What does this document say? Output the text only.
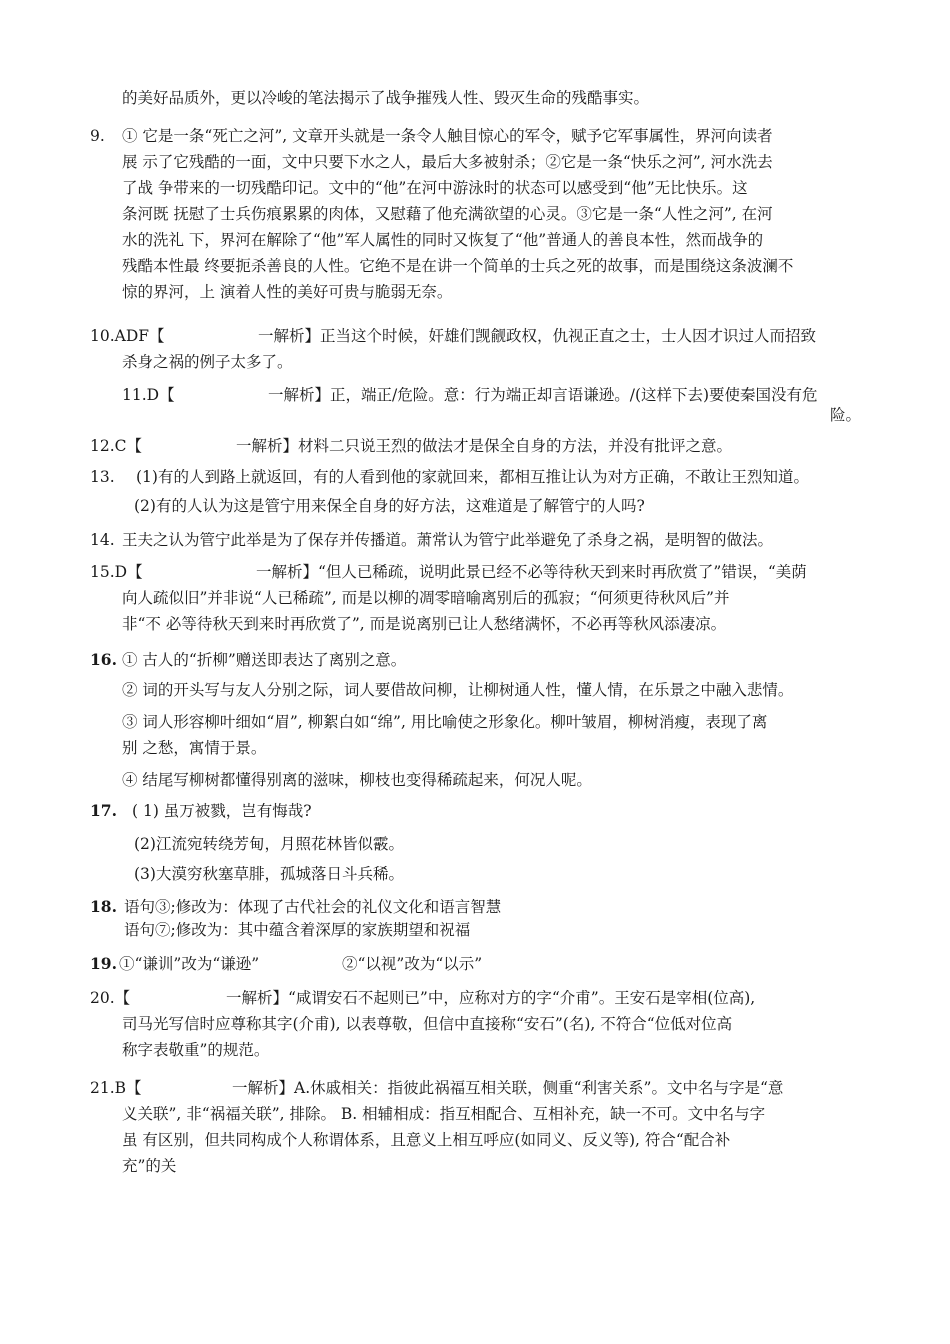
的美好品质外，更以冷峻的笔法揭示了战争摧残人性、毁灭生命的残酷事实。
9. ① 它是一条“死亡之河”, 文章开头就是一条令人触目惊心的军令，赋予它军事属性，界河向读者
展 示了它残酷的一面，文中只要下水之人，最后大多被射杀；②它是一条“快乐之河”, 河水洗去
了战 争带来的一切残酷印记。文中的“他”在河中游泳时的状态可以感受到“他”无比快乐。这
条河既 抚慰了士兵伤痕累累的肉体，又慰藉了他充满欲望的心灵。③它是一条“人性之河”, 在河
水的洗礼 下，界河在解除了“他”军人属性的同时又恢复了“他”普通人的善良本性，然而战争的
残酷本性最 终要扼杀善良的人性。它绝不是在讲一个简单的士兵之死的故事，而是围绕这条波澜不
惊的界河，上 演着人性的美好可贵与脆弱无奈。
10.ADF【	一解析】正当这个时候，奸雄们觊觎政权，仇视正直之士，士人因才识过人而招致
杀身之祸的例子太多了。
11.D【	一解析】正，端正/危险。意：行为端正却言语谦逊。/(这样下去)要使秦国没有危
险。
12.C【	一解析】材料二只说王烈的做法才是保全自身的方法，并没有批评之意。
13. (1)有的人到路上就返回，有的人看到他的家就回来，都相互推让认为对方正确，不敢让王烈知道。
(2)有的人认为这是管宁用来保全自身的好方法，这难道是了解管宁的人吗?
14. 王夫之认为管宁此举是为了保存并传播道。萧常认为管宁此举避免了杀身之祸，是明智的做法。
15.D【	一解析】“但人已稀疏，说明此景已经不必等待秋天到来时再欣赏了”错误，“美荫
向人疏似旧”并非说“人已稀疏”, 而是以柳的凋零暗喻离别后的孤寂；“何须更待秋风后”并
非“不 必等待秋天到来时再欣赏了”, 而是说离别已让人愁绪满怀，不必再等秋风添凄凉。
16. ① 古人的“折柳”赠送即表达了离别之意。
② 词的开头写与友人分别之际，词人要借故问柳，让柳树通人性，懂人情，在乐景之中融入悲情。
③ 词人形容柳叶细如“眉”, 柳絮白如“绵”, 用比喻使之形象化。柳叶皱眉，柳树消瘦，表现了离
别 之愁，寓情于景。
④ 结尾写柳树都懂得别离的滋味，柳枝也变得稀疏起来，何况人呢。
17. ( 1) 虽万被戮，岂有悔哉?
(2)江流宛转绕芳甸，月照花林皆似霰。
(3)大漠穷秋塞草腓，孤城落日斗兵稀。
18. 语句③;修改为：体现了古代社会的礼仪文化和语言智慧
语句⑦;修改为：其中蕴含着深厚的家族期望和祝福
19. ①“谦训”改为“谦逊”	②“以视”改为“以示”
20.【	一解析】“咸谓安石不起则已”中，应称对方的字“介甫”。王安石是宰相(位高),
司马光写信时应尊称其字(介甫), 以表尊敬，但信中直接称“安石”(名), 不符合“位低对位高
称字表敬重”的规范。
21.B【	一解析】A.休戚相关：指彼此祸福互相关联，侧重“利害关系”。文中名与字是“意
义关联”, 非“祸福关联”, 排除。 B. 相辅相成：指互相配合、互相补充，缺一不可。文中名与字
虽 有区别，但共同构成个人称谓体系，且意义上相互呼应(如同义、反义等), 符合“配合补
充”的关
